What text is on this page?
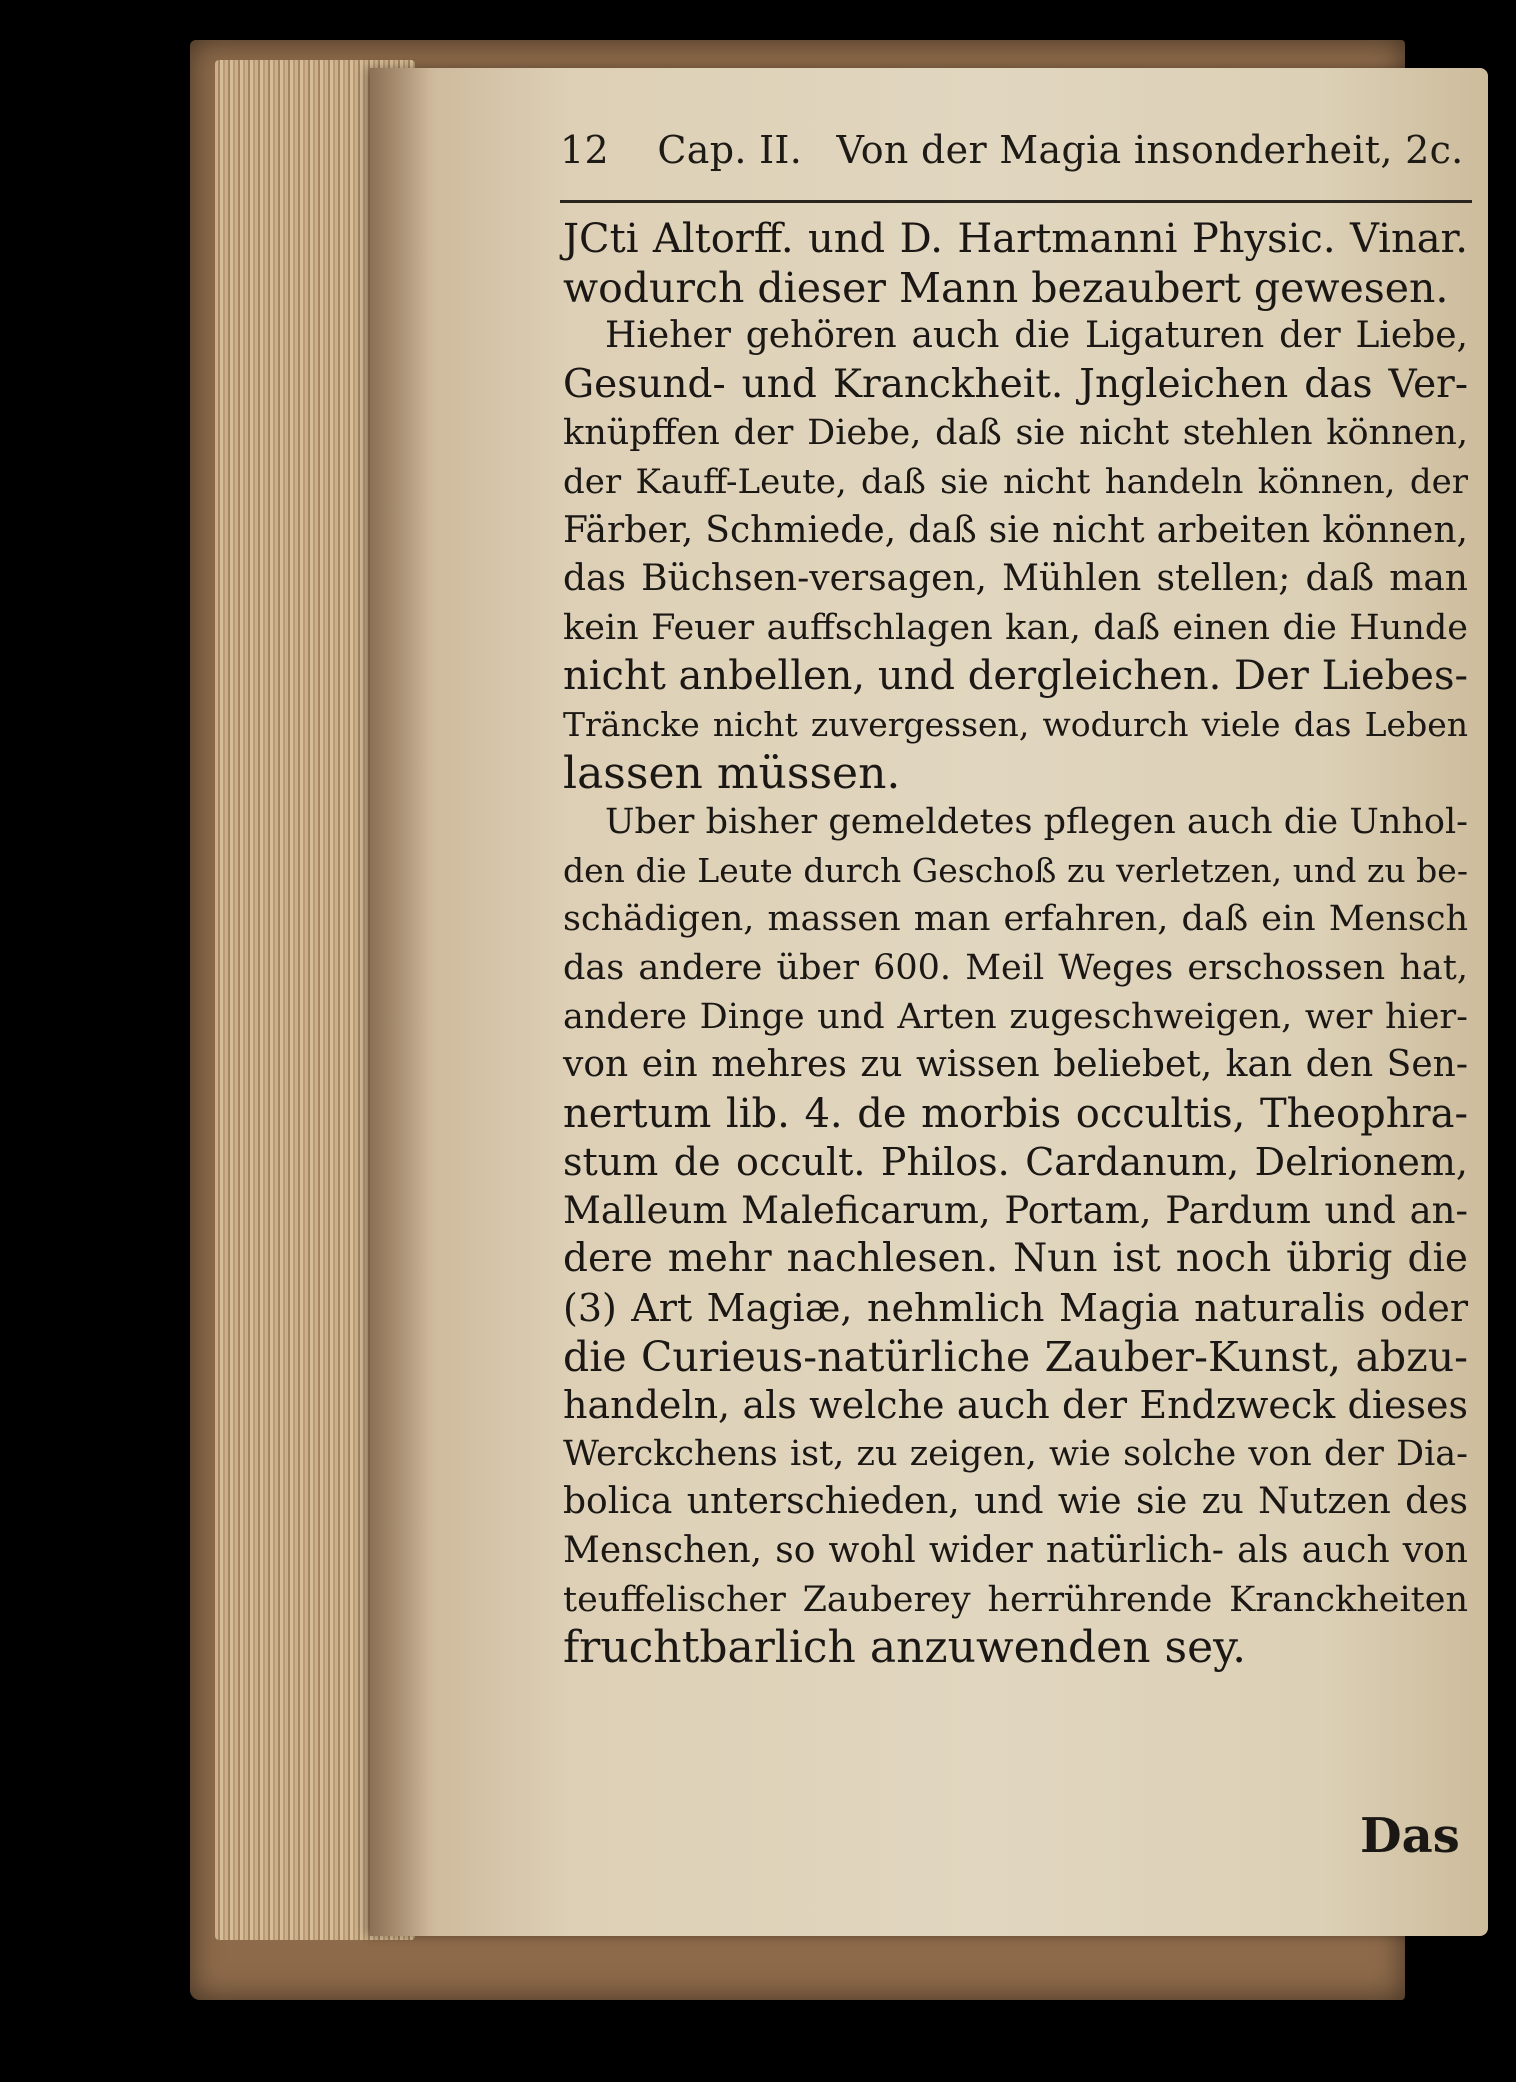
12 Cap. II. Von der Magia insonderheit, 2c.
JCti Altorff. und D. Hartmanni Physic. Vinar.
wodurch dieser Mann bezaubert gewesen.
Hieher gehören auch die Ligaturen der Liebe,
Gesund- und Kranckheit. Jngleichen das Ver-
knüpffen der Diebe, daß sie nicht stehlen können,
der Kauff-Leute, daß sie nicht handeln können, der
Färber, Schmiede, daß sie nicht arbeiten können,
das Büchsen-versagen, Mühlen stellen; daß man
kein Feuer auffschlagen kan, daß einen die Hunde
nicht anbellen, und dergleichen. Der Liebes-
Träncke nicht zuvergessen, wodurch viele das Leben
lassen müssen.
Uber bisher gemeldetes pflegen auch die Unhol-
den die Leute durch Geschoß zu verletzen, und zu be-
schädigen, massen man erfahren, daß ein Mensch
das andere über 600. Meil Weges erschossen hat,
andere Dinge und Arten zugeschweigen, wer hier-
von ein mehres zu wissen beliebet, kan den Sen-
nertum lib. 4. de morbis occultis, Theophra-
stum de occult. Philos. Cardanum, Delrionem,
Malleum Maleficarum, Portam, Pardum und an-
dere mehr nachlesen. Nun ist noch übrig die
(3) Art Magiæ, nehmlich Magia naturalis oder
die Curieus-natürliche Zauber-Kunst, abzu-
handeln, als welche auch der Endzweck dieses
Werckchens ist, zu zeigen, wie solche von der Dia-
bolica unterschieden, und wie sie zu Nutzen des
Menschen, so wohl wider natürlich- als auch von
teuffelischer Zauberey herrührende Kranckheiten
fruchtbarlich anzuwenden sey.
Das
